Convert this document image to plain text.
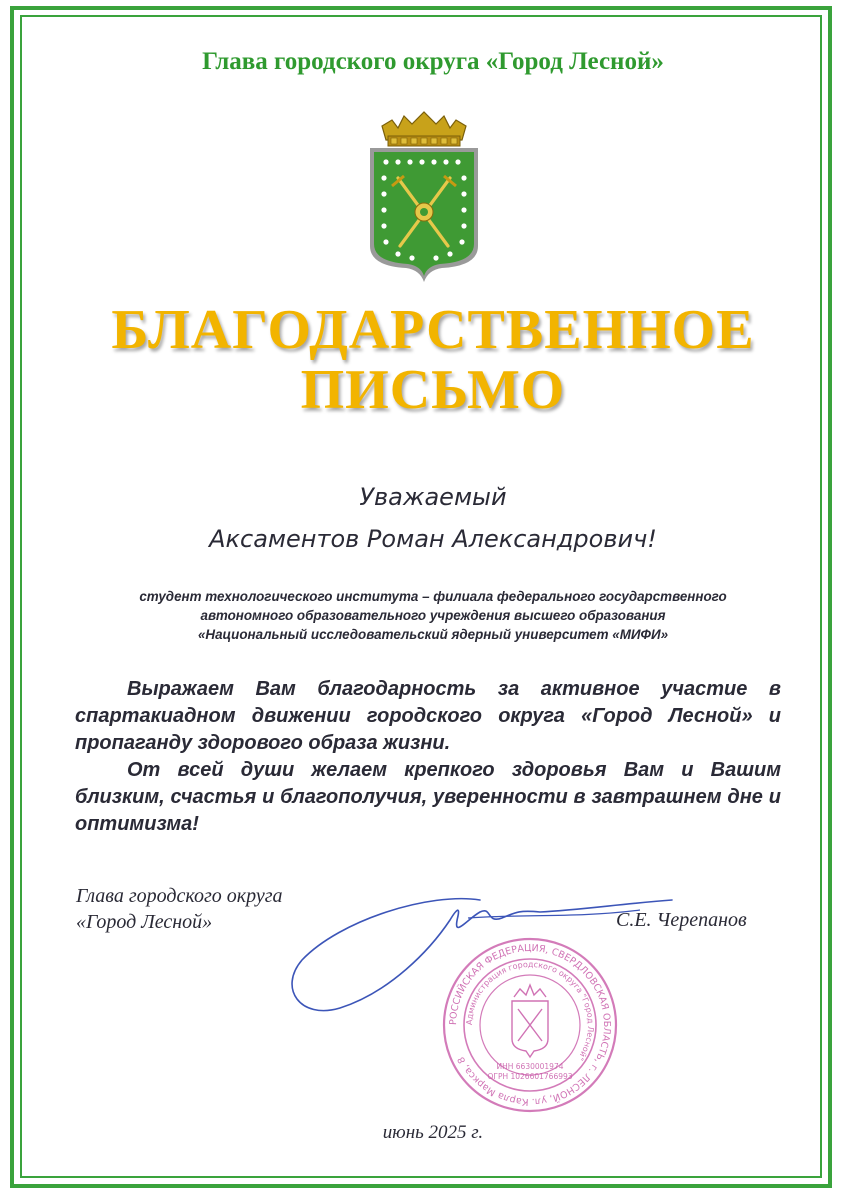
Глава городского округа «Город Лесной»
БЛАГОДАРСТВЕННОЕ
ПИСЬМО
Уважаемый
Аксаментов Роман Александрович!
студент технологического института – филиала федерального государственного
автономного образовательного учреждения высшего образования
«Национальный исследовательский ядерный университет «МИФИ»

Выражаем Вам благодарность за активное участие в спартакиадном движении городского округа «Город Лесной» и пропаганду здорового образа жизни.

От всей души желаем крепкого здоровья Вам и Вашим близким, счастья и благополучия, уверенности в завтрашнем дне и оптимизма!

РОССИЙСКАЯ ФЕДЕРАЦИЯ, СВЕРДЛОВСКАЯ ОБЛАСТЬ, г. ЛЕСНОЙ, ул. Карла Маркса, 8
Администрация городского округа "Город Лесной"
ИНН 6630001974
ОГРН 1026601766993
Глава городского округа
«Город Лесной»	С.Е. Черепанов
июнь 2025 г.
